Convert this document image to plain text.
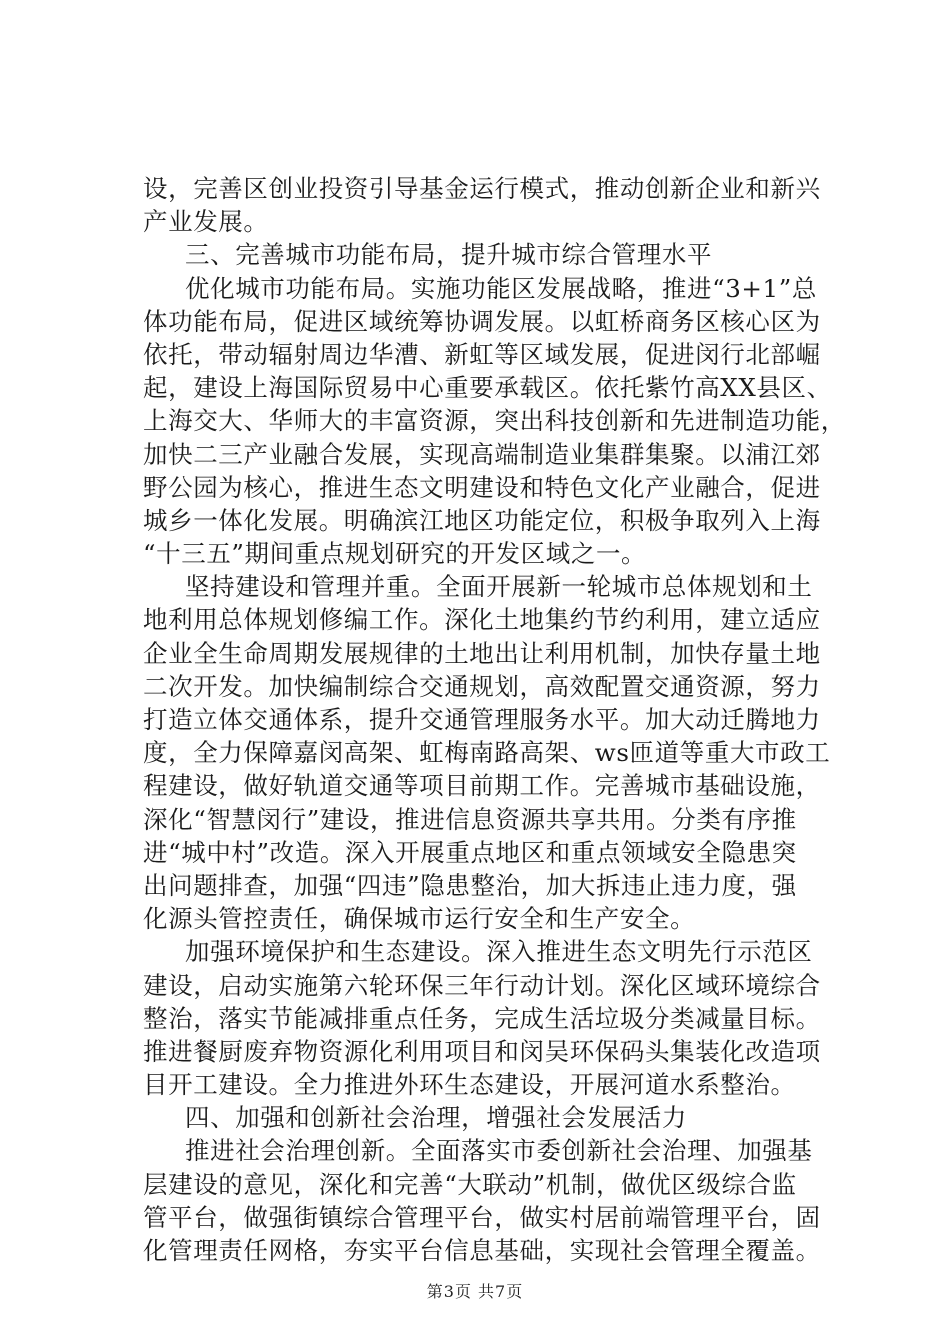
设，完善区创业投资引导基金运行模式，推动创新企业和新兴
产业发展。
三、完善城市功能布局，提升城市综合管理水平
优化城市功能布局。实施功能区发展战略，推进“3+1”总
体功能布局，促进区域统筹协调发展。以虹桥商务区核心区为
依托，带动辐射周边华漕、新虹等区域发展，促进闵行北部崛
起，建设上海国际贸易中心重要承载区。依托紫竹高XX县区、
上海交大、华师大的丰富资源，突出科技创新和先进制造功能，
加快二三产业融合发展，实现高端制造业集群集聚。以浦江郊
野公园为核心，推进生态文明建设和特色文化产业融合，促进
城乡一体化发展。明确滨江地区功能定位，积极争取列入上海
“十三五”期间重点规划研究的开发区域之一。
坚持建设和管理并重。全面开展新一轮城市总体规划和土
地利用总体规划修编工作。深化土地集约节约利用，建立适应
企业全生命周期发展规律的土地出让利用机制，加快存量土地
二次开发。加快编制综合交通规划，高效配置交通资源，努力
打造立体交通体系，提升交通管理服务水平。加大动迁腾地力
度，全力保障嘉闵高架、虹梅南路高架、ws匝道等重大市政工
程建设，做好轨道交通等项目前期工作。完善城市基础设施，
深化“智慧闵行”建设，推进信息资源共享共用。分类有序推
进“城中村”改造。深入开展重点地区和重点领域安全隐患突
出问题排查，加强“四违”隐患整治，加大拆违止违力度，强
化源头管控责任，确保城市运行安全和生产安全。
加强环境保护和生态建设。深入推进生态文明先行示范区
建设，启动实施第六轮环保三年行动计划。深化区域环境综合
整治，落实节能减排重点任务，完成生活垃圾分类减量目标。
推进餐厨废弃物资源化利用项目和闵吴环保码头集装化改造项
目开工建设。全力推进外环生态建设，开展河道水系整治。
四、加强和创新社会治理，增强社会发展活力
推进社会治理创新。全面落实市委创新社会治理、加强基
层建设的意见，深化和完善“大联动”机制，做优区级综合监
管平台，做强街镇综合管理平台，做实村居前端管理平台，固
化管理责任网格，夯实平台信息基础，实现社会管理全覆盖。
第3页 共7页
